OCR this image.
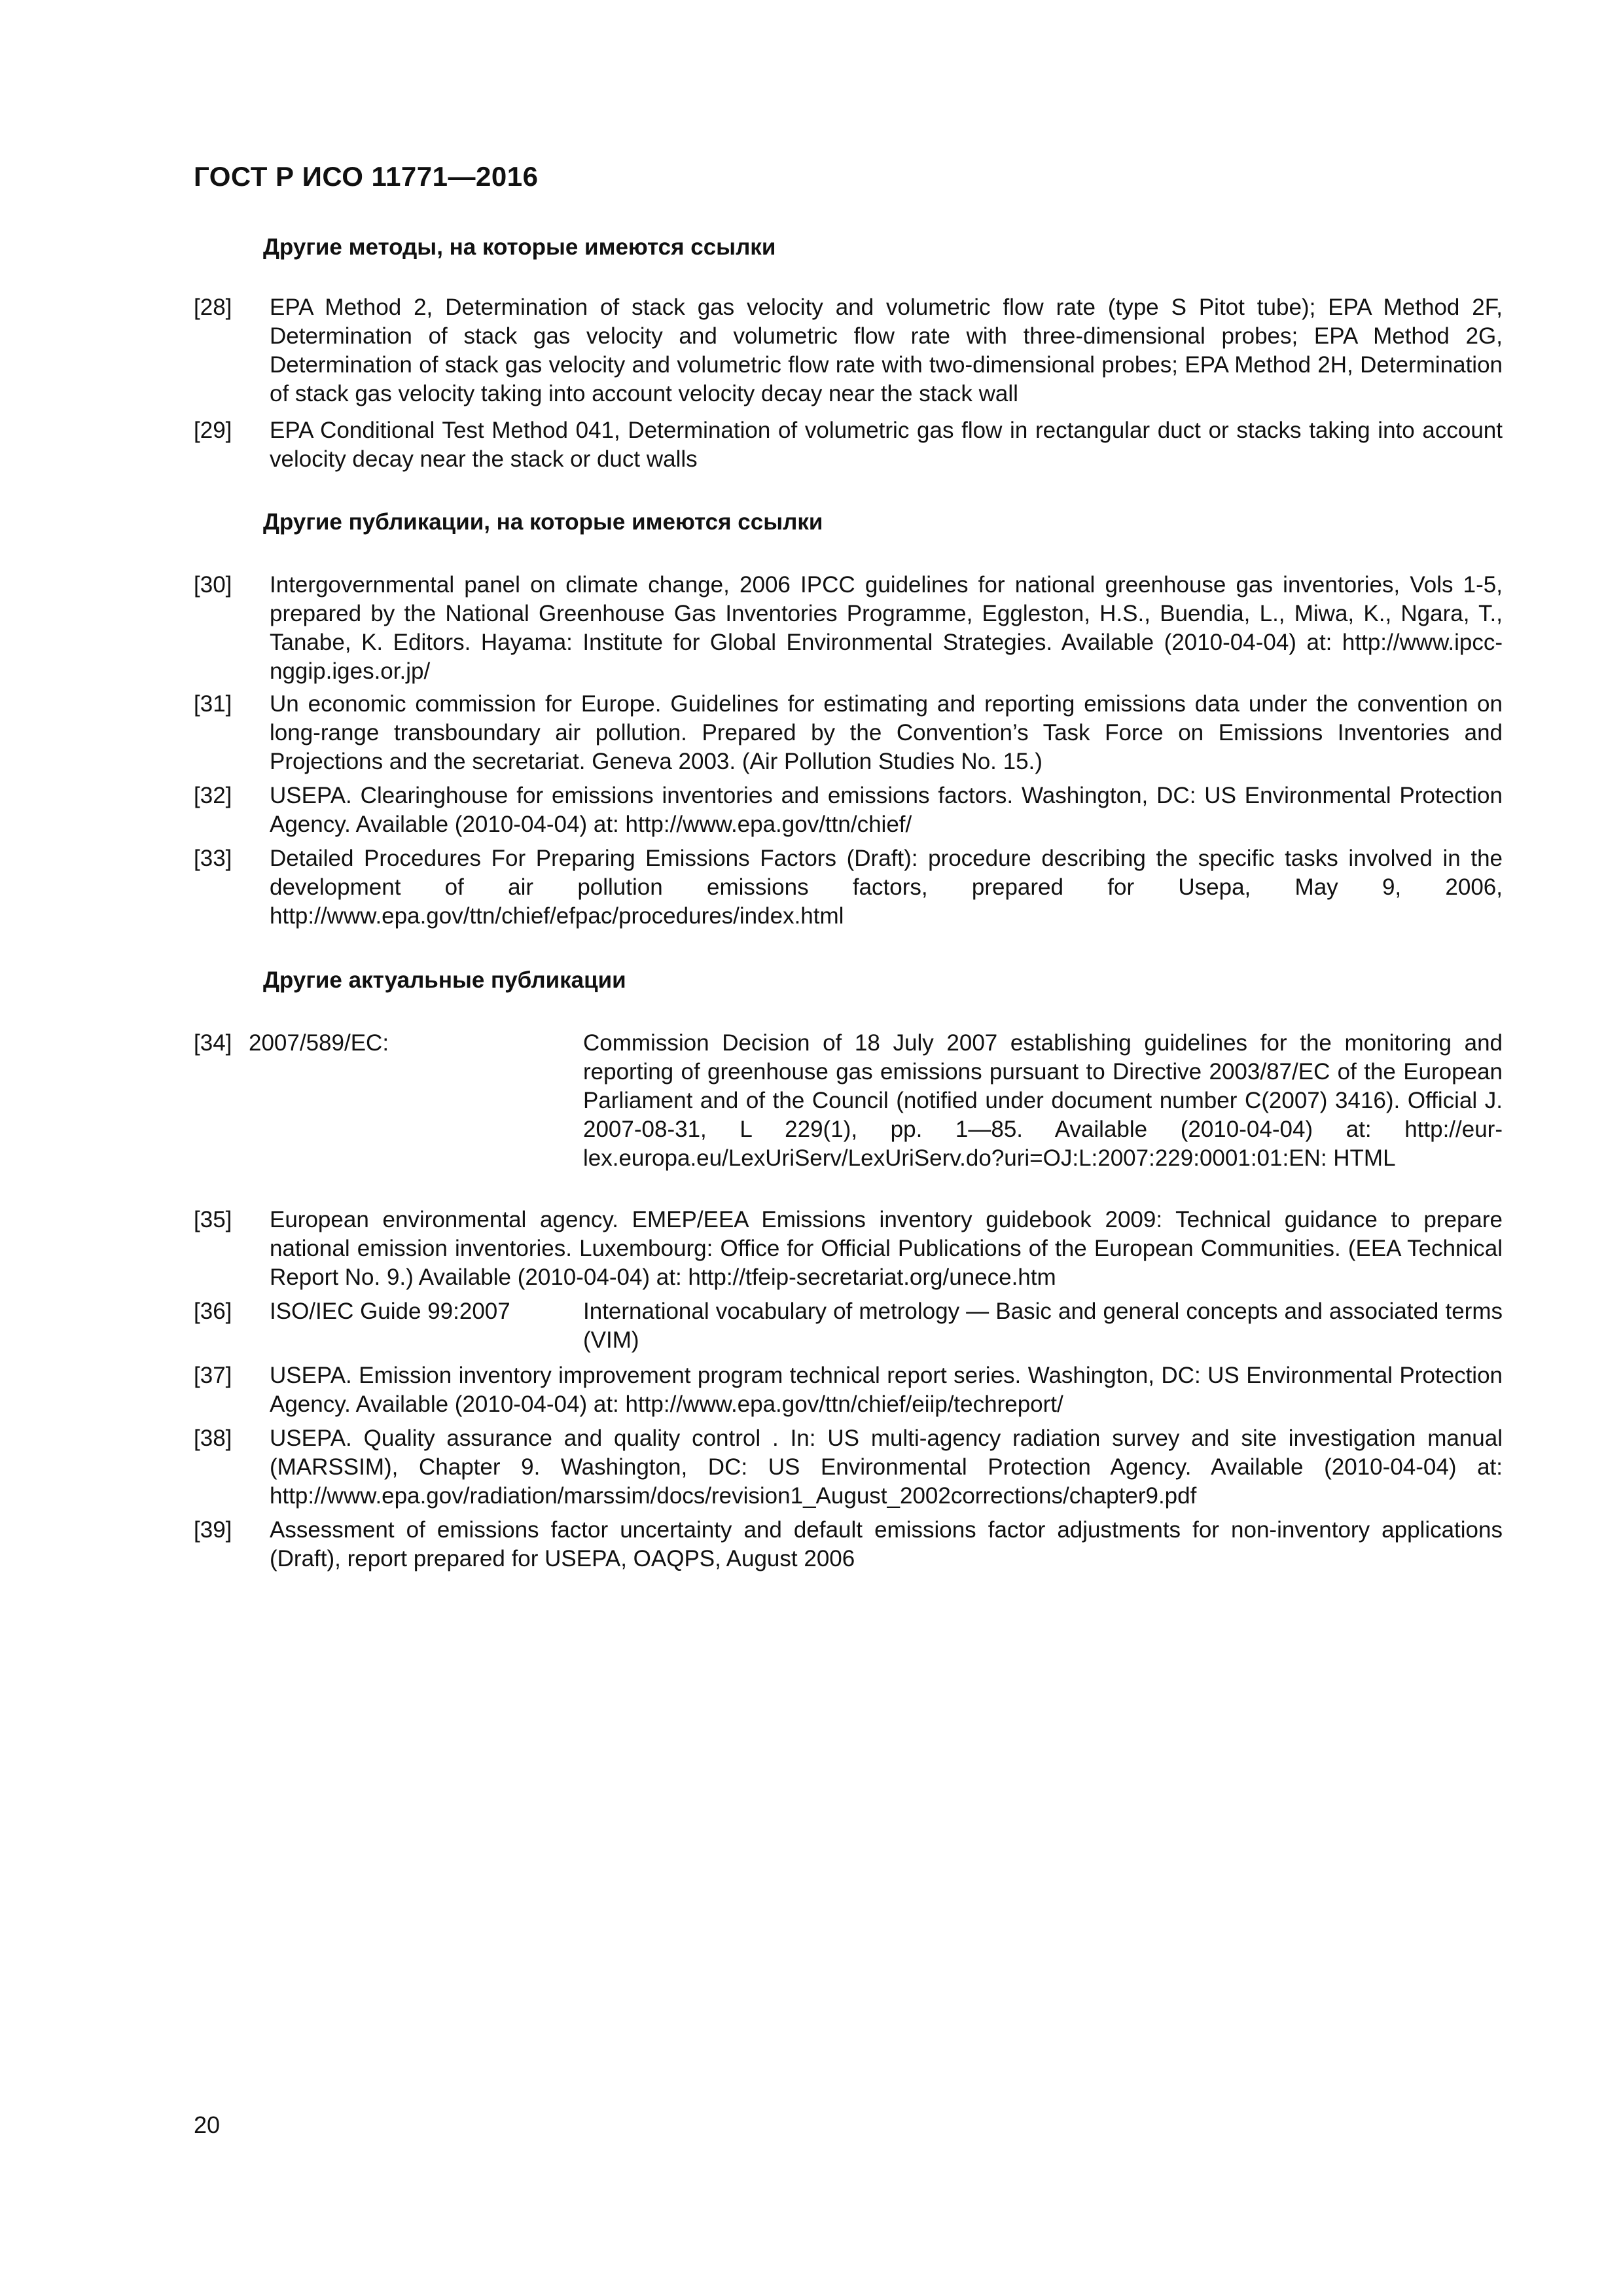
ГОСТ Р ИСО 11771—2016
Другие методы, на которые имеются ссылки
[28]	EPA Method 2, Determination of stack gas velocity and volumetric flow rate (type S Pitot tube); EPA Method 2F, Determination of stack gas velocity and volumetric flow rate with three-dimensional probes; EPA Method 2G, Determination of stack gas velocity and volumetric flow rate with two-dimensional probes; EPA Method 2H, Determination of stack gas velocity taking into account velocity decay near the stack wall
[29]	EPA Conditional Test Method 041, Determination of volumetric gas flow in rectangular duct or stacks taking into account velocity decay near the stack or duct walls
Другие публикации, на которые имеются ссылки
[30]	Intergovernmental panel on climate change, 2006 IPCC guidelines for national greenhouse gas inventories, Vols 1-5, prepared by the National Greenhouse Gas Inventories Programme, Eggleston, H.S., Buendia, L., Miwa, K., Ngara, T., Tanabe, K. Editors. Hayama: Institute for Global Environmental Strategies. Available (2010-04-04) at: http://www.ipcc-nggip.iges.or.jp/
[31]	Un economic commission for Europe. Guidelines for estimating and reporting emissions data under the convention on long-range transboundary air pollution. Prepared by the Convention’s Task Force on Emissions Inventories and Projections and the secretariat. Geneva 2003. (Air Pollution Studies No. 15.)
[32]	USEPA. Clearinghouse for emissions inventories and emissions factors. Washington, DC: US Environmental Protection Agency. Available (2010-04-04) at: http://www.epa.gov/ttn/chief/
[33]	Detailed Procedures For Preparing Emissions Factors (Draft): procedure describing the specific tasks involved in the development of air pollution emissions factors, prepared for Usepa, May 9, 2006, http://www.epa.gov/ttn/chief/efpac/procedures/index.html
Другие актуальные публикации
[34] 2007/589/EC:	Commission Decision of 18 July 2007 establishing guidelines for the monitoring and reporting of greenhouse gas emissions pursuant to Directive 2003/87/EC of the European Parliament and of the Council (notified under document number C(2007) 3416). Official J. 2007-08-31, L 229(1), pp. 1—85. Available (2010-04-04) at: http://eur-lex.europa.eu/LexUriServ/LexUriServ.do?uri=OJ:L:2007:229:0001:01:EN: HTML
[35]	European environmental agency. EMEP/EEA Emissions inventory guidebook 2009: Technical guidance to prepare national emission inventories. Luxembourg: Office for Official Publications of the European Communities. (EEA Technical Report No. 9.) Available (2010-04-04) at: http://tfeip-secretariat.org/unece.htm
[36]	ISO/IEC Guide 99:2007	International vocabulary of metrology — Basic and general concepts and associated terms (VIM)
[37]	USEPA. Emission inventory improvement program technical report series. Washington, DC: US Environmental Protection Agency. Available (2010-04-04) at: http://www.epa.gov/ttn/chief/eiip/techreport/
[38]	USEPA. Quality assurance and quality control . In: US multi-agency radiation survey and site investigation manual (MARSSIM), Chapter 9. Washington, DC: US Environmental Protection Agency. Available (2010-04-04) at: http://www.epa.gov/radiation/marssim/docs/revision1_August_2002corrections/chapter9.pdf
[39]	Assessment of emissions factor uncertainty and default emissions factor adjustments for non-inventory applications (Draft), report prepared for USEPA, OAQPS, August 2006
20
